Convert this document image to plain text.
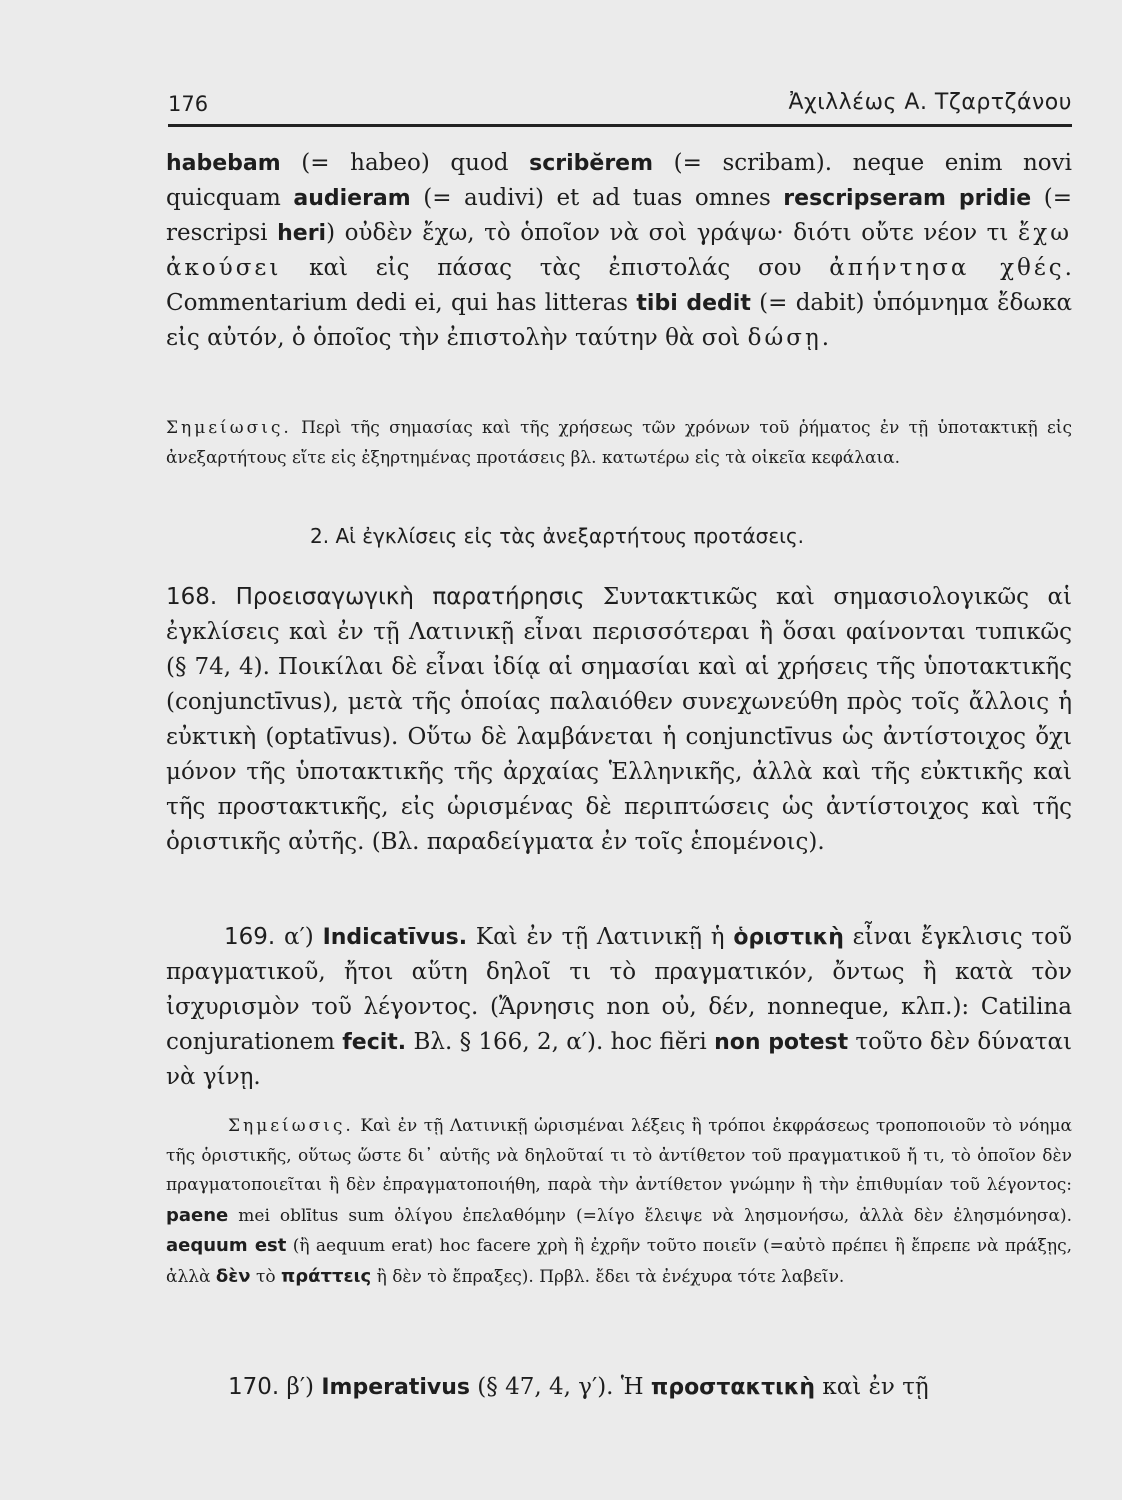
176	Ἀχιλλέως Α. Τζαρτζάνου

habebam (= habeo) quod scribĕrem (= scribam). neque enim novi quicquam audieram (= audivi) et ad tuas omnes rescripseram pridie (= rescripsi heri) οὐδὲν ἔχω, τὸ ὁποῖον νὰ σοὶ γράψω· διότι οὔτε νέον τι ἔχω ἀκούσει καὶ εἰς πάσας τὰς ἐπιστολάς σου ἀπήντησα χθές. Commentarium dedi ei, qui has litteras tibi dedit (= dabit) ὑπόμνημα ἔδωκα εἰς αὐτόν, ὁ ὁποῖος τὴν ἐπιστολὴν ταύτην θὰ σοὶ δώσῃ.

Σημείωσις. Περὶ τῆς σημασίας καὶ τῆς χρήσεως τῶν χρόνων τοῦ ῥήματος ἐν τῇ ὑποτακτικῇ εἰς ἀνεξαρτήτους εἴτε εἰς ἐξηρτημένας προτάσεις βλ. κατωτέρω εἰς τὰ οἰκεῖα κεφάλαια.

2. Αἱ ἐγκλίσεις εἰς τὰς ἀνεξαρτήτους προτάσεις.

168. Προεισαγωγικὴ παρατήρησις Συντακτικῶς καὶ σημασιολογικῶς αἱ ἐγκλίσεις καὶ ἐν τῇ Λατινικῇ εἶναι περισσότεραι ἢ ὅσαι φαίνονται τυπικῶς (§ 74, 4). Ποικίλαι δὲ εἶναι ἰδίᾳ αἱ σημασίαι καὶ αἱ χρήσεις τῆς ὑποτακτικῆς (conjunctīvus), μετὰ τῆς ὁποίας παλαιόθεν συνεχωνεύθη πρὸς τοῖς ἄλλοις ἡ εὐκτικὴ (optatīvus). Οὕτω δὲ λαμβάνεται ἡ conjunctīvus ὡς ἀντίστοιχος ὄχι μόνον τῆς ὑποτακτικῆς τῆς ἀρχαίας Ἑλληνικῆς, ἀλλὰ καὶ τῆς εὐκτικῆς καὶ τῆς προστακτικῆς, εἰς ὡρισμένας δὲ περιπτώσεις ὡς ἀντίστοιχος καὶ τῆς ὁριστικῆς αὐτῆς. (Βλ. παραδείγματα ἐν τοῖς ἑπομένοις).

169. α′) Indicatīvus. Καὶ ἐν τῇ Λατινικῇ ἡ ὁριστικὴ εἶναι ἔγκλισις τοῦ πραγματικοῦ, ἤτοι αὕτη δηλοῖ τι τὸ πραγματικόν, ὄντως ἢ κατὰ τὸν ἰσχυρισμὸν τοῦ λέγοντος. (Ἄρνησις non οὐ, δέν, nonneque, κλπ.): Catilina conjurationem fecit. Βλ. § 166, 2, α′). hoc fiĕri non potest τοῦτο δὲν δύναται νὰ γίνῃ.

Σημείωσις. Καὶ ἐν τῇ Λατινικῇ ὡρισμέναι λέξεις ἢ τρόποι ἐκφράσεως τροποποιοῦν τὸ νόημα τῆς ὁριστικῆς, οὕτως ὥστε δι᾿ αὐτῆς νὰ δηλοῦταί τι τὸ ἀντίθετον τοῦ πραγματικοῦ ἤ τι, τὸ ὁποῖον δὲν πραγματοποιεῖται ἢ δὲν ἐπραγματοποιήθη, παρὰ τὴν ἀντίθετον γνώμην ἢ τὴν ἐπιθυμίαν τοῦ λέγοντος: paene mei oblītus sum ὀλίγου ἐπελαθόμην (=λίγο ἔλειψε νὰ λησμονήσω, ἀλλὰ δὲν ἐλησμόνησα). aequum est (ἢ aequum erat) hoc facere χρὴ ἢ ἐχρῆν τοῦτο ποιεῖν (=αὐτὸ πρέπει ἢ ἔπρεπε νὰ πράξῃς, ἀλλὰ δὲν τὸ πράττεις ἢ δὲν τὸ ἔπραξες). Πρβλ. ἔδει τὰ ἐνέχυρα τότε λαβεῖν.

170. β′) Imperativus (§ 47, 4, γ′). Ἡ προστακτικὴ καὶ ἐν τῇ
